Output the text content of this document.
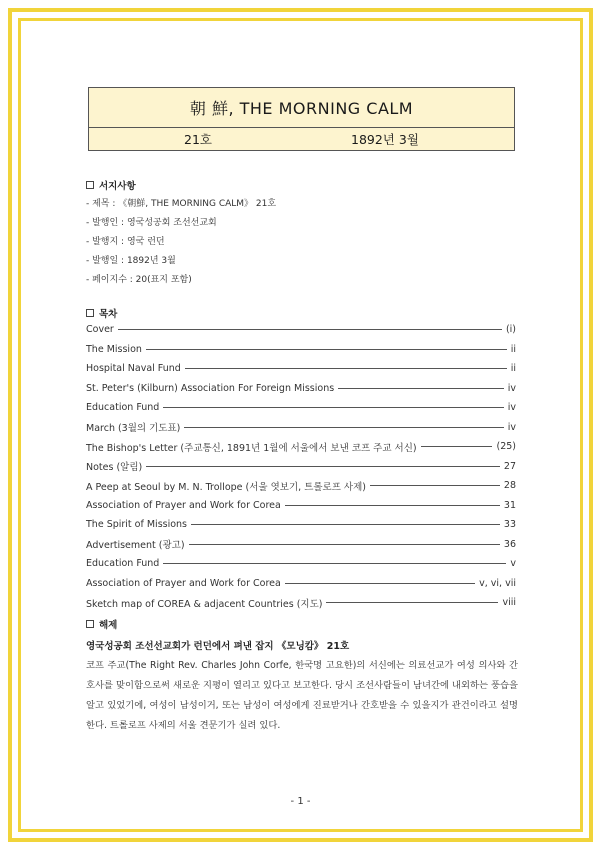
朝 鮮, THE MORNING CALM
21호	1892년 3월
서지사항
- 제목 : 《朝鮮, THE MORNING CALM》 21호
- 발행인 : 영국성공회 조선선교회
- 발행지 : 영국 런던
- 발행일 : 1892년 3월
- 페이지수 : 20(표지 포함)
목차
Cover	(i)
The Mission	ii
Hospital Naval Fund	ii
St. Peter's (Kilburn) Association For Foreign Missions	iv
Education Fund	iv
March (3월의 기도표)	iv
The Bishop's Letter (주교통신, 1891년 1월에 서울에서 보낸 코프 주교 서신)	(25)
Notes (알림)	27
A Peep at Seoul by M. N. Trollope (서울 엿보기, 트롤로프 사제)	28
Association of Prayer and Work for Corea	31
The Spirit of Missions	33
Advertisement (광고)	36
Education Fund	v
Association of Prayer and Work for Corea	v, vi, vii
Sketch map of COREA & adjacent Countries (지도)	viii
해제
영국성공회 조선선교회가 런던에서 펴낸 잡지 《모닝캄》 21호
코프 주교(The Right Rev. Charles John Corfe, 한국명 고요한)의 서신에는 의료선교가 여성 의사와 간호사를 맞이함으로써 새로운 지평이 열리고 있다고 보고한다. 당시 조선사람들이 남녀간에 내외하는 풍습을 알고 있었기에, 여성이 남성이거, 또는 남성이 여성에게 진료받거나 간호받을 수 있을지가 관건이라고 설명한다. 트롤로프 사제의 서울 견문기가 실려 있다.
- 1 -
